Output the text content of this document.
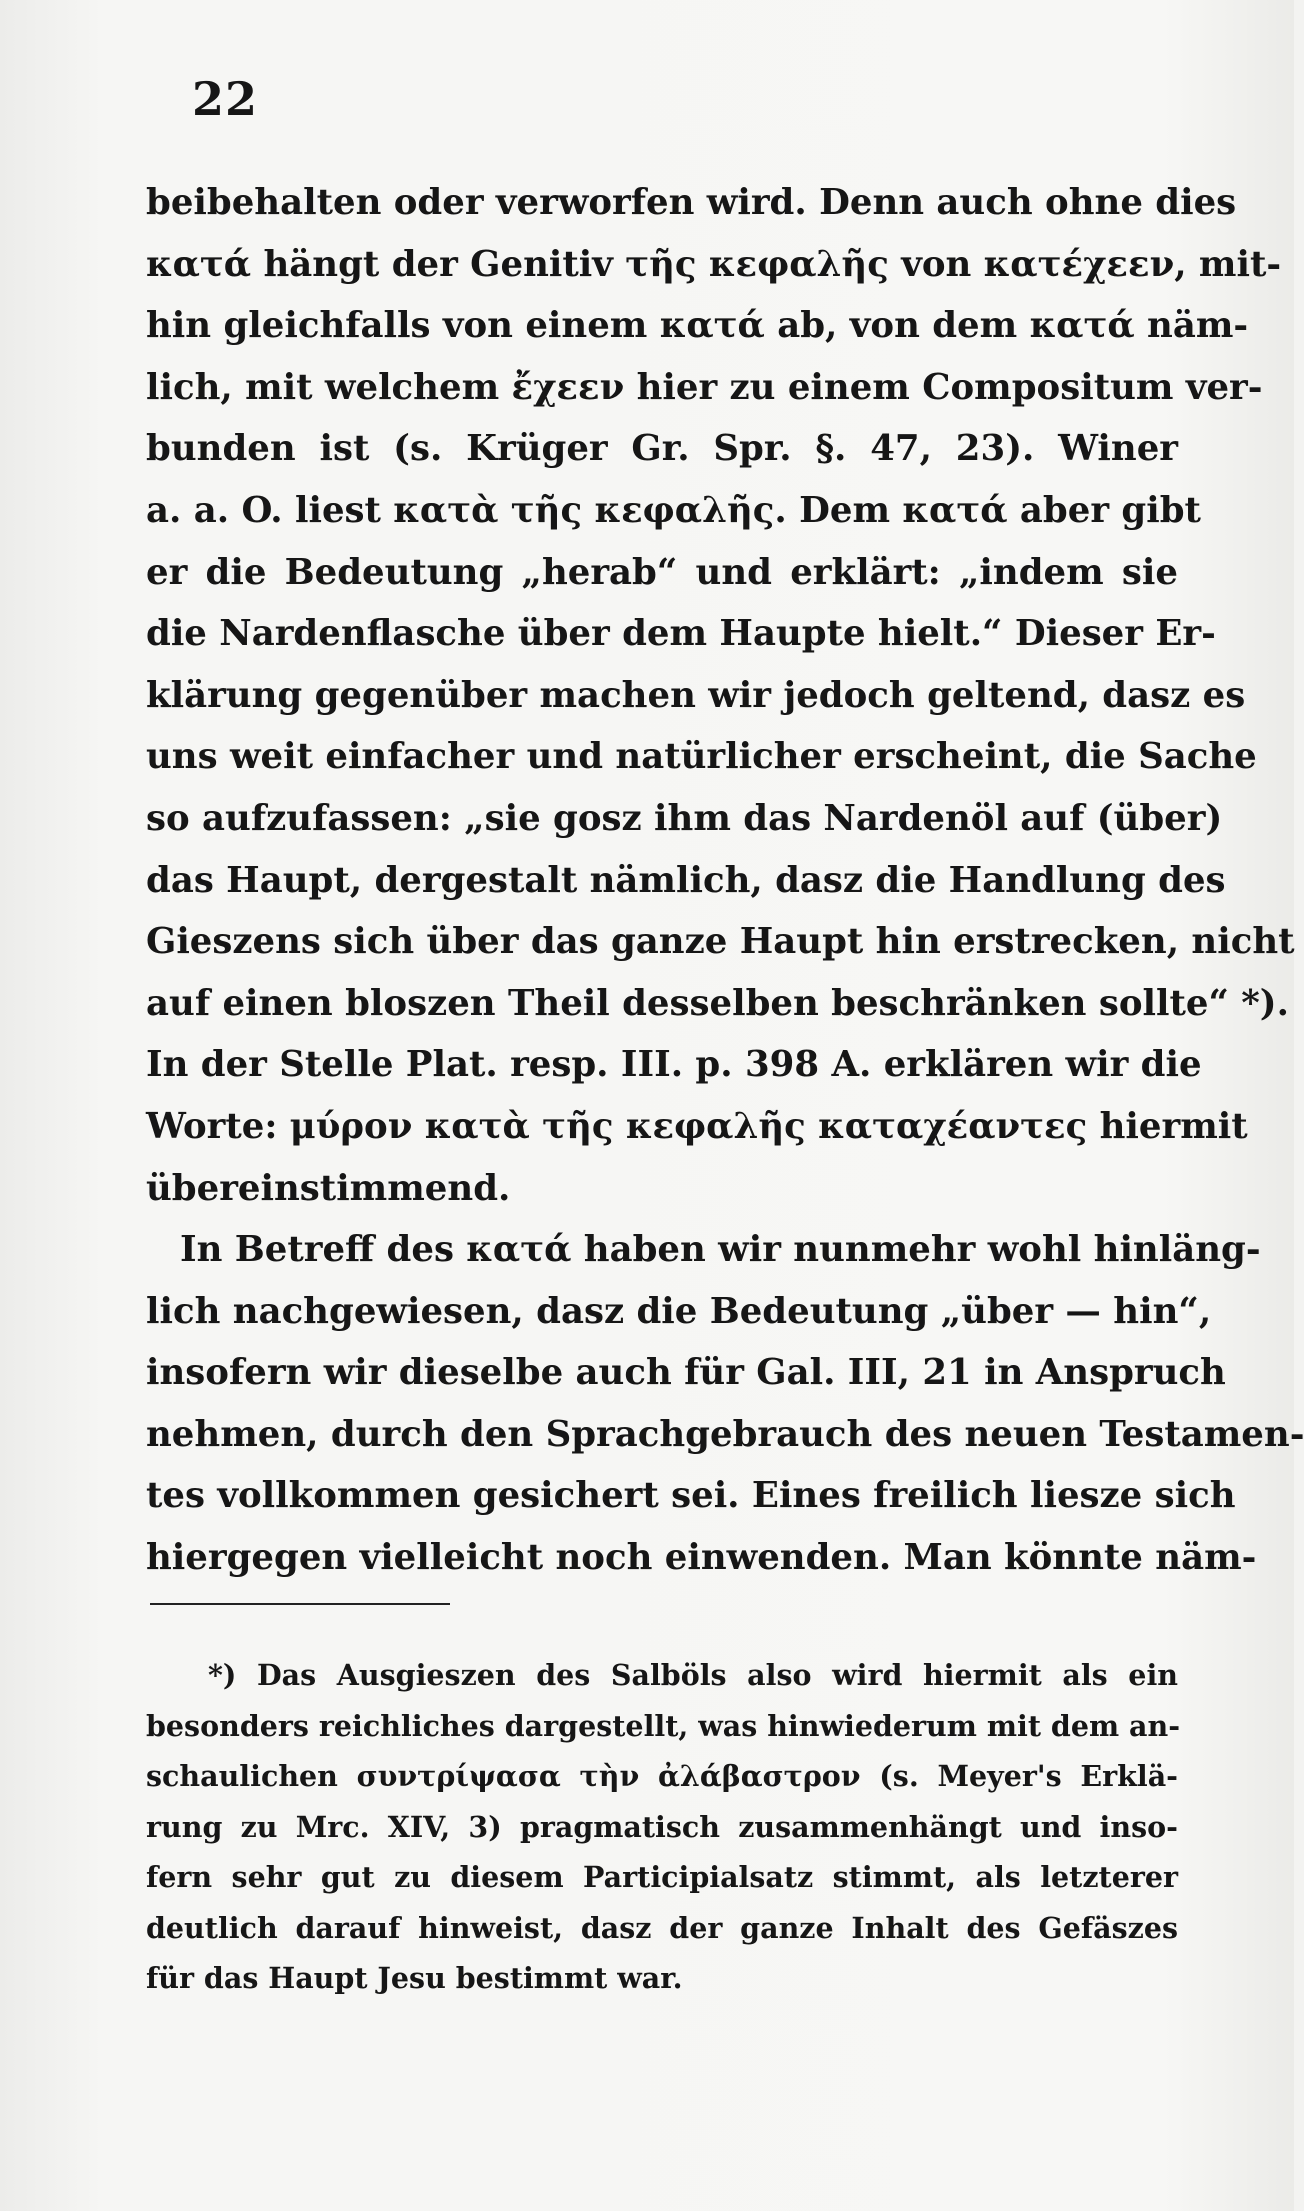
22
beibehalten oder verworfen wird. Denn auch ohne dies
κατά hängt der Genitiv τῆς κεφαλῆς von κατέχεεν, mit-
hin gleichfalls von einem κατά ab, von dem κατά näm-
lich, mit welchem ἔχεεν hier zu einem Compositum ver-
bunden ist (s. Krüger Gr. Spr. §. 47, 23). Winer
a. a. O. liest κατὰ τῆς κεφαλῆς. Dem κατά aber gibt
er die Bedeutung „herab“ und erklärt: „indem sie
die Nardenflasche über dem Haupte hielt.“ Dieser Er-
klärung gegenüber machen wir jedoch geltend, dasz es
uns weit einfacher und natürlicher erscheint, die Sache
so aufzufassen: „sie gosz ihm das Nardenöl auf (über)
das Haupt, dergestalt nämlich, dasz die Handlung des
Gieszens sich über das ganze Haupt hin erstrecken, nicht
auf einen bloszen Theil desselben beschränken sollte“ *).
In der Stelle Plat. resp. III. p. 398 A. erklären wir die
Worte: μύρον κατὰ τῆς κεφαλῆς καταχέαντες hiermit
übereinstimmend.
In Betreff des κατά haben wir nunmehr wohl hinläng-
lich nachgewiesen, dasz die Bedeutung „über — hin“,
insofern wir dieselbe auch für Gal. III, 21 in Anspruch
nehmen, durch den Sprachgebrauch des neuen Testamen-
tes vollkommen gesichert sei. Eines freilich liesze sich
hiergegen vielleicht noch einwenden. Man könnte näm-
*) Das Ausgieszen des Salböls also wird hiermit als ein
besonders reichliches dargestellt, was hinwiederum mit dem an-
schaulichen συντρίψασα τὴν ἀλάβαστρον (s. Meyer's Erklä-
rung zu Mrc. XIV, 3) pragmatisch zusammenhängt und inso-
fern sehr gut zu diesem Participialsatz stimmt, als letzterer
deutlich darauf hinweist, dasz der ganze Inhalt des Gefäszes
für das Haupt Jesu bestimmt war.
